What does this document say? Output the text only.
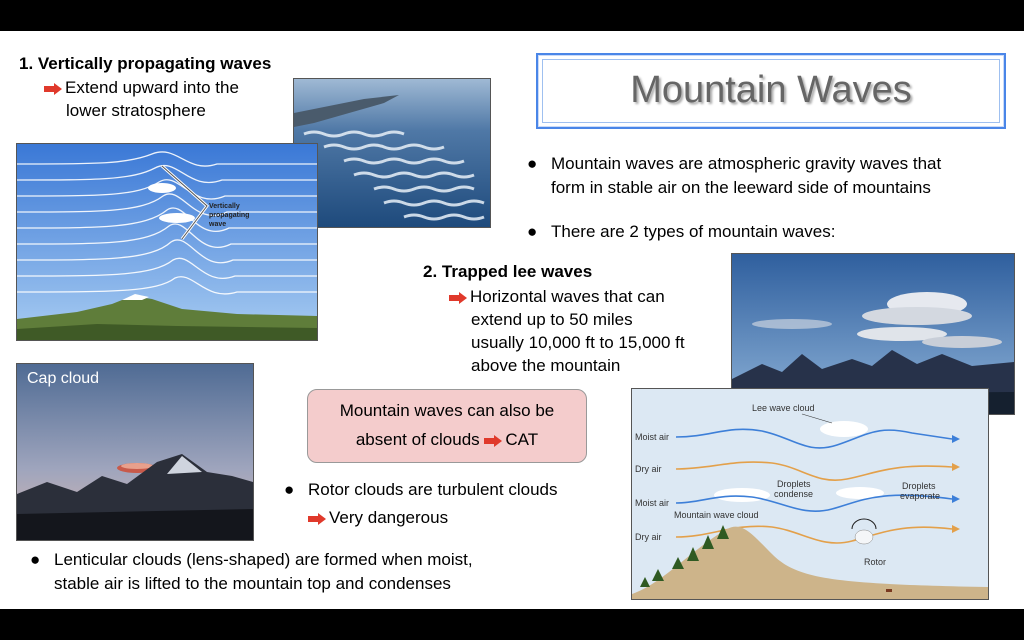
1. Vertically propagating waves
Extend upward into the
lower stratosphere
Vertically
propagating
wave
Mountain Waves
● Mountain waves are atmospheric gravity waves that
form in stable air on the leeward side of mountains
● There are 2 types of mountain waves:
2. Trapped lee waves
Horizontal waves that can
extend up to 50 miles
usually 10,000 ft to 15,000 ft
above the mountain
Cap cloud
Mountain waves can also be
absent of clouds CAT
● Rotor clouds are turbulent clouds
Very dangerous
● Lenticular clouds (lens-shaped) are formed when moist,
stable air is lifted to the mountain top and condenses
Lee wave cloud
Moist air
Dry air
Moist air
Droplets
condense
Droplets
evaporate
Mountain wave cloud
Dry air
Rotor
